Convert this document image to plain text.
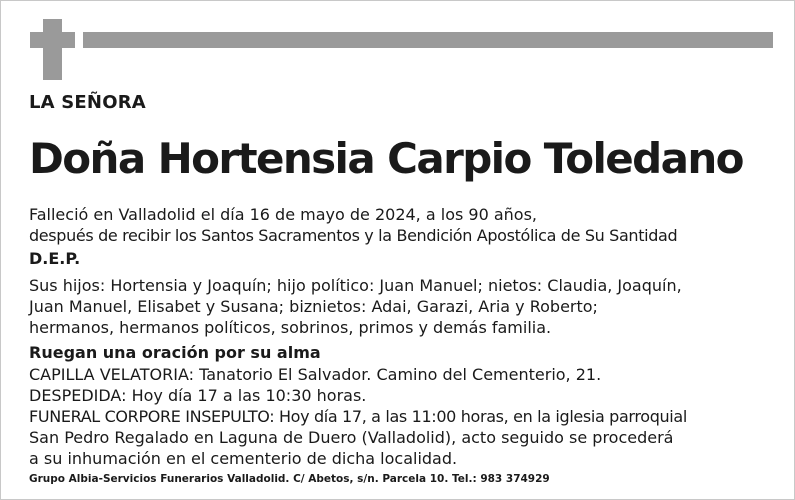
LA SEÑORA
Doña Hortensia Carpio Toledano
Falleció en Valladolid el día 16 de mayo de 2024, a los 90 años,
después de recibir los Santos Sacramentos y la Bendición Apostólica de Su Santidad
D.E.P.
Sus hijos: Hortensia y Joaquín; hijo político: Juan Manuel; nietos: Claudia, Joaquín,
Juan Manuel, Elisabet y Susana; biznietos: Adai, Garazi, Aria y Roberto;
hermanos, hermanos políticos, sobrinos, primos y demás familia.
Ruegan una oración por su alma
CAPILLA VELATORIA: Tanatorio El Salvador. Camino del Cementerio, 21.
DESPEDIDA: Hoy día 17 a las 10:30 horas.
FUNERAL CORPORE INSEPULTO: Hoy día 17, a las 11:00 horas, en la iglesia parroquial
San Pedro Regalado en Laguna de Duero (Valladolid), acto seguido se procederá
a su inhumación en el cementerio de dicha localidad.
Grupo Albia-Servicios Funerarios Valladolid. C/ Abetos, s/n. Parcela 10. Tel.: 983 374929
